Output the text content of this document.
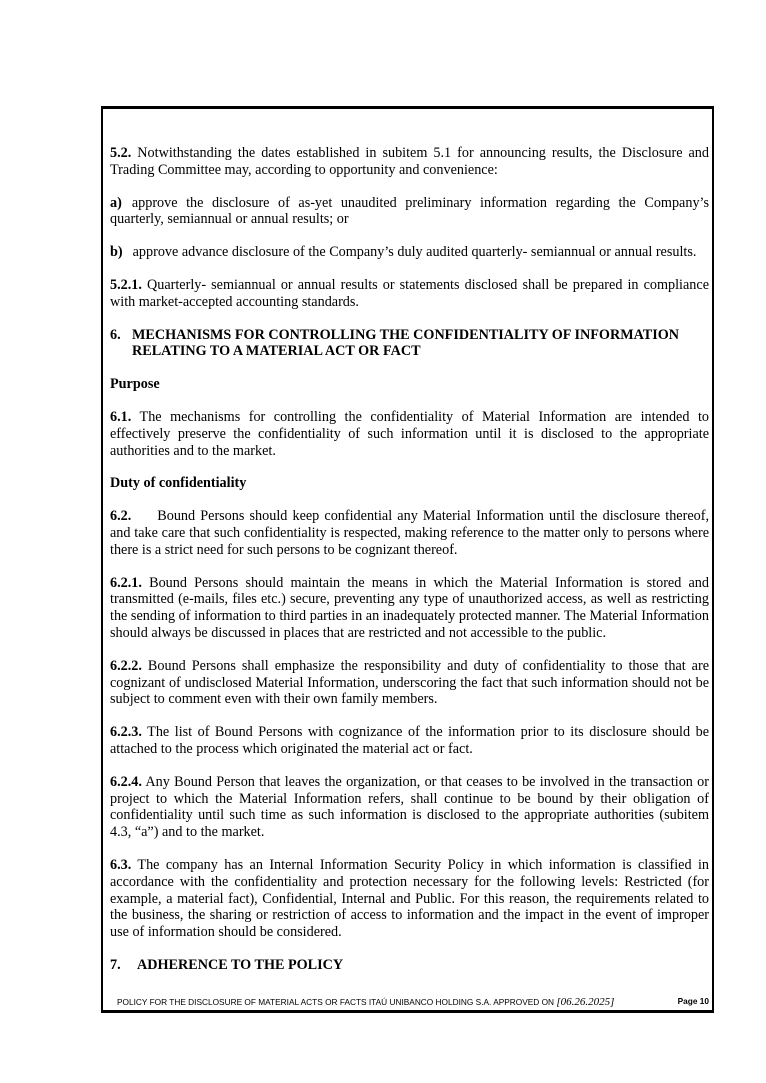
5.2. Notwithstanding the dates established in subitem 5.1 for announcing results, the Disclosure and Trading Committee may, according to opportunity and convenience:

a) approve the disclosure of as-yet unaudited preliminary information regarding the Company’s quarterly, semiannual or annual results; or

b) approve advance disclosure of the Company’s duly audited quarterly- semiannual or annual results.

5.2.1. Quarterly- semiannual or annual results or statements disclosed shall be prepared in compliance with market-accepted accounting standards.

6. MECHANISMS FOR CONTROLLING THE CONFIDENTIALITY OF INFORMATION RELATING TO A MATERIAL ACT OR FACT
Purpose

6.1. The mechanisms for controlling the confidentiality of Material Information are intended to effectively preserve the confidentiality of such information until it is disclosed to the appropriate authorities and to the market.

Duty of confidentiality

6.2. Bound Persons should keep confidential any Material Information until the disclosure thereof, and take care that such confidentiality is respected, making reference to the matter only to persons where there is a strict need for such persons to be cognizant thereof.

6.2.1. Bound Persons should maintain the means in which the Material Information is stored and transmitted (e-mails, files etc.) secure, preventing any type of unauthorized access, as well as restricting the sending of information to third parties in an inadequately protected manner. The Material Information should always be discussed in places that are restricted and not accessible to the public.

6.2.2. Bound Persons shall emphasize the responsibility and duty of confidentiality to those that are cognizant of undisclosed Material Information, underscoring the fact that such information should not be subject to comment even with their own family members.

6.2.3. The list of Bound Persons with cognizance of the information prior to its disclosure should be attached to the process which originated the material act or fact.

6.2.4. Any Bound Person that leaves the organization, or that ceases to be involved in the transaction or project to which the Material Information refers, shall continue to be bound by their obligation of confidentiality until such time as such information is disclosed to the appropriate authorities (subitem 4.3, “a”) and to the market.

6.3. The company has an Internal Information Security Policy in which information is classified in accordance with the confidentiality and protection necessary for the following levels: Restricted (for example, a material fact), Confidential, Internal and Public. For this reason, the requirements related to the business, the sharing or restriction of access to information and the impact in the event of improper use of information should be considered.

7. ADHERENCE TO THE POLICY
POLICY FOR THE DISCLOSURE OF MATERIAL ACTS OR FACTS ITAÚ UNIBANCO HOLDING S.A. APPROVED ON [06.26.2025]	Page 10
